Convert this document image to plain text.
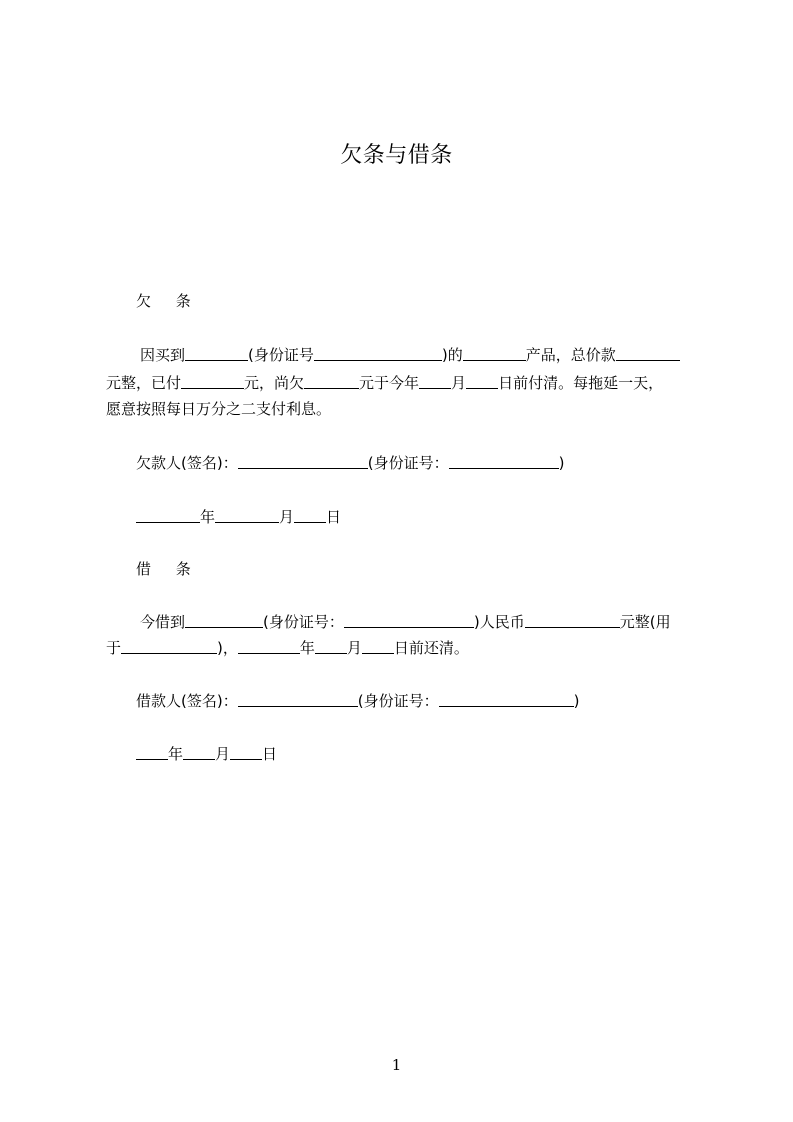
欠条与借条
欠 条
因买到	(身份证号	)的	产品，总价款
元整，已付	元，尚欠	元于今年 月 日前付清。每拖延一天，
愿意按照每日万分之二支付利息。
欠款人(签名)：	(身份证号：	)
年	月 日
借 条
今借到	(身份证号：	)人民币	元整(用
于	)，	年 月 日前还清。
借款人(签名)：	(身份证号：	)
年 月 日
1
